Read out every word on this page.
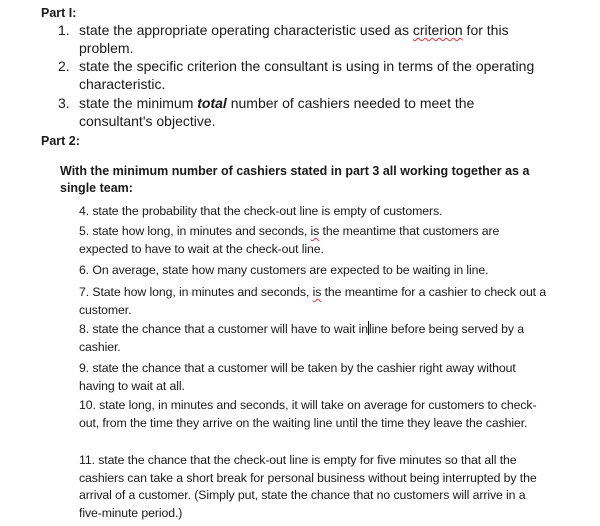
Part I:
1. state the appropriate operating characteristic used as criterion for this problem.
2. state the specific criterion the consultant is using in terms of the operating characteristic.
3. state the minimum total number of cashiers needed to meet the consultant's objective.
Part 2:
With the minimum number of cashiers stated in part 3 all working together as a single team:
4. state the probability that the check-out line is empty of customers.
5. state how long, in minutes and seconds, is the meantime that customers are expected to have to wait at the check-out line.
6. On average, state how many customers are expected to be waiting in line.
7. State how long, in minutes and seconds, is the meantime for a cashier to check out a customer.
8. state the chance that a customer will have to wait inline before being served by a cashier.
9. state the chance that a customer will be taken by the cashier right away without having to wait at all.
10. state long, in minutes and seconds, it will take on average for customers to check-out, from the time they arrive on the waiting line until the time they leave the cashier.
11. state the chance that the check-out line is empty for five minutes so that all the cashiers can take a short break for personal business without being interrupted by the arrival of a customer. (Simply put, state the chance that no customers will arrive in a five-minute period.)
